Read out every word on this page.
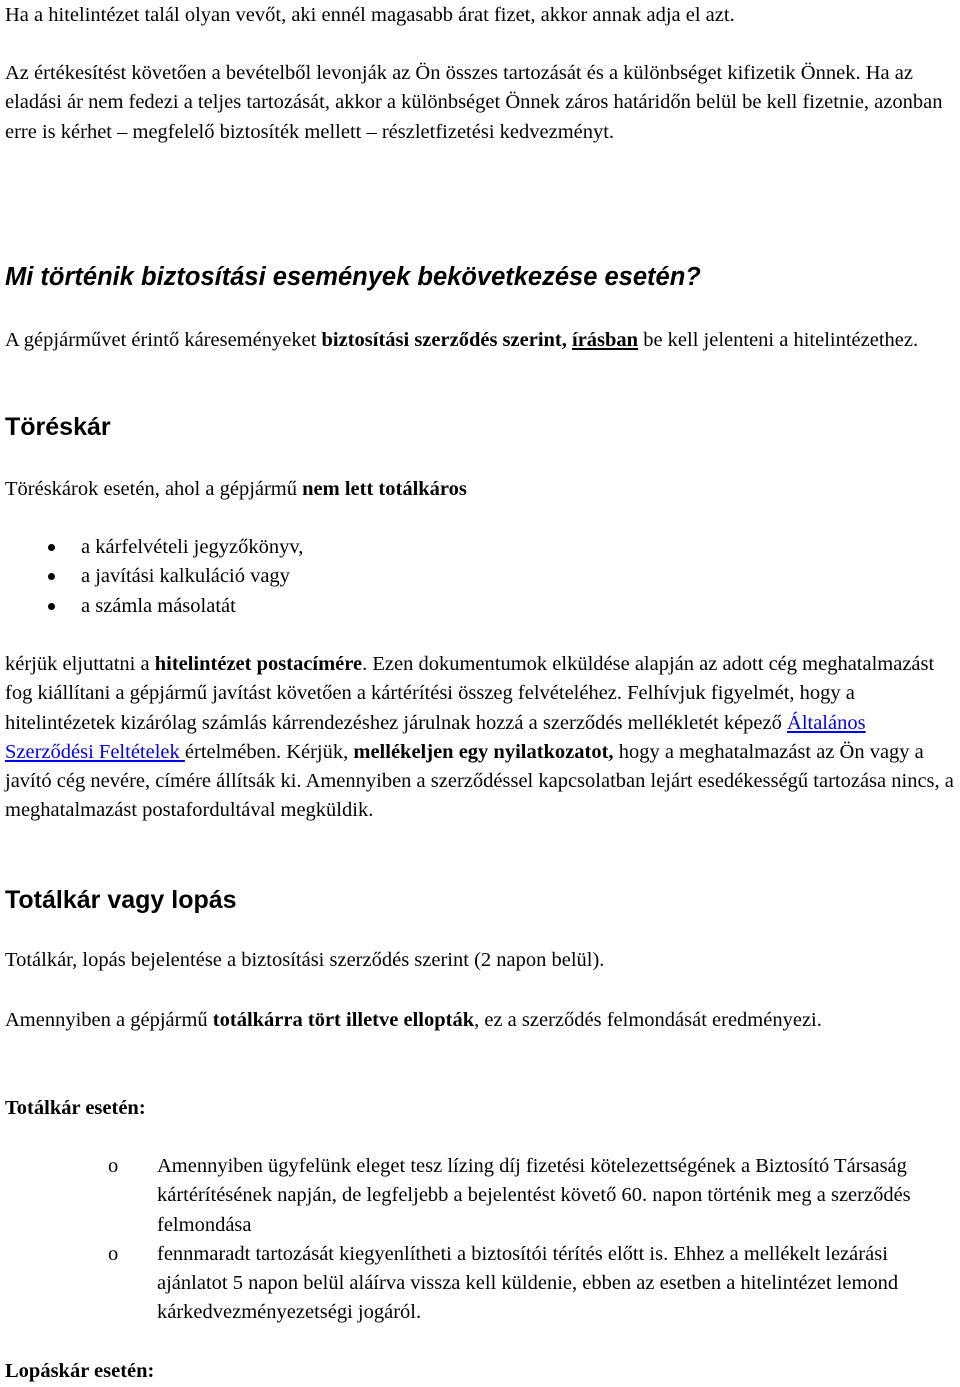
Ha a hitelintézet talál olyan vevőt, aki ennél magasabb árat fizet, akkor annak adja el azt.

Az értékesítést követően a bevételből levonják az Ön összes tartozását és a különbséget kifizetik Önnek. Ha az eladási ár nem fedezi a teljes tartozását, akkor a különbséget Önnek záros határidőn belül be kell fizetnie, azonban erre is kérhet – megfelelő biztosíték mellett – részletfizetési kedvezményt.

Mi történik biztosítási események bekövetkezése esetén?

A gépjárművet érintő káreseményeket biztosítási szerződés szerint, írásban be kell jelenteni a hitelintézethez.

Töréskár

Töréskárok esetén, ahol a gépjármű nem lett totálkáros

a kárfelvételi jegyzőkönyv,
a javítási kalkuláció vagy
a számla másolatát

kérjük eljuttatni a hitelintézet postacímére. Ezen dokumentumok elküldése alapján az adott cég meghatalmazást fog kiállítani a gépjármű javítást követően a kártérítési összeg felvételéhez. Felhívjuk figyelmét, hogy a hitelintézetek kizárólag számlás kárrendezéshez járulnak hozzá a szerződés mellékletét képező Általános Szerződési Feltételek értelmében. Kérjük, mellékeljen egy nyilatkozatot, hogy a meghatalmazást az Ön vagy a javító cég nevére, címére állítsák ki. Amennyiben a szerződéssel kapcsolatban lejárt esedékességű tartozása nincs, a meghatalmazást postafordultával megküldik.

Totálkár vagy lopás

Totálkár, lopás bejelentése a biztosítási szerződés szerint (2 napon belül).

Amennyiben a gépjármű totálkárra tört illetve ellopták, ez a szerződés felmondását eredményezi.

Totálkár esetén:

o Amennyiben ügyfelünk eleget tesz lízing díj fizetési kötelezettségének a Biztosító Társaság kártérítésének napján, de legfeljebb a bejelentést követő 60. napon történik meg a szerződés felmondása
o fennmaradt tartozását kiegyenlítheti a biztosítói térítés előtt is. Ehhez a mellékelt lezárási ajánlatot 5 napon belül aláírva vissza kell küldenie, ebben az esetben a hitelintézet lemond kárkedvezményezetségi jogáról.

Lopáskár esetén:
